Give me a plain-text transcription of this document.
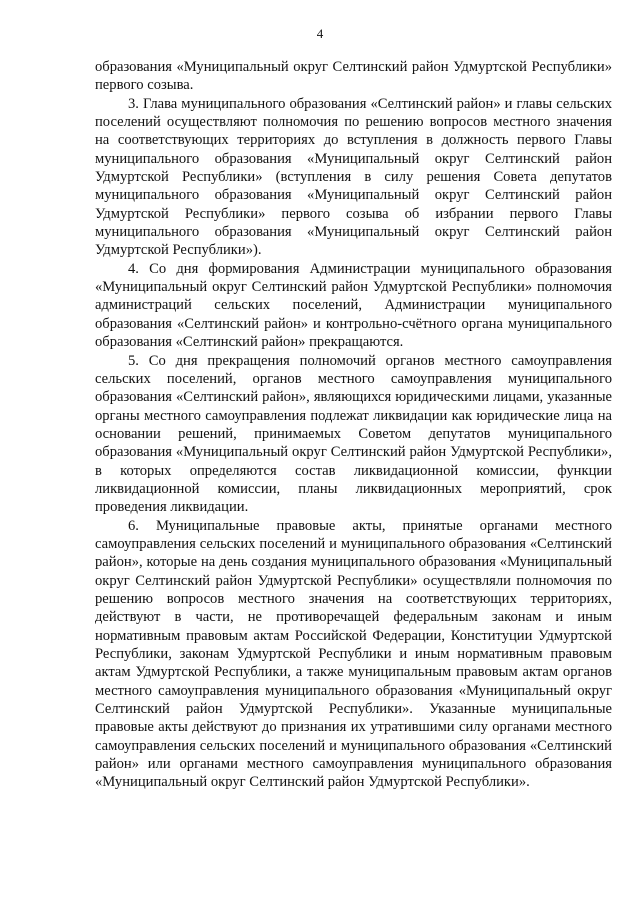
4

образования «Муниципальный округ Селтинский район Удмуртской Республики» первого созыва.

3. Глава муниципального образования «Селтинский район» и главы сельских поселений осуществляют полномочия по решению вопросов местного значения на соответствующих территориях до вступления в должность первого Главы муниципального образования «Муниципальный округ Селтинский район Удмуртской Республики» (вступления в силу решения Совета депутатов муниципального образования «Муниципальный округ Селтинский район Удмуртской Республики» первого созыва об избрании первого Главы муниципального образования «Муниципальный округ Селтинский район Удмуртской Республики»).

4. Со дня формирования Администрации муниципального образования «Муниципальный округ Селтинский район Удмуртской Республики» полномочия администраций сельских поселений, Администрации муниципального образования «Селтинский район» и контрольно-счётного органа муниципального образования «Селтинский район» прекращаются.

5. Со дня прекращения полномочий органов местного самоуправления сельских поселений, органов местного самоуправления муниципального образования «Селтинский район», являющихся юридическими лицами, указанные органы местного самоуправления подлежат ликвидации как юридические лица на основании решений, принимаемых Советом депутатов муниципального образования «Муниципальный округ Селтинский район Удмуртской Республики», в которых определяются состав ликвидационной комиссии, функции ликвидационной комиссии, планы ликвидационных мероприятий, срок проведения ликвидации.

6. Муниципальные правовые акты, принятые органами местного самоуправления сельских поселений и муниципального образования «Селтинский район», которые на день создания муниципального образования «Муниципальный округ Селтинский район Удмуртской Республики» осуществляли полномочия по решению вопросов местного значения на соответствующих территориях, действуют в части, не противоречащей федеральным законам и иным нормативным правовым актам Российской Федерации, Конституции Удмуртской Республики, законам Удмуртской Республики и иным нормативным правовым актам Удмуртской Республики, а также муниципальным правовым актам органов местного самоуправления муниципального образования «Муниципальный округ Селтинский район Удмуртской Республики». Указанные муниципальные правовые акты действуют до признания их утратившими силу органами местного самоуправления сельских поселений и муниципального образования «Селтинский район» или органами местного самоуправления муниципального образования «Муниципальный округ Селтинский район Удмуртской Республики».
